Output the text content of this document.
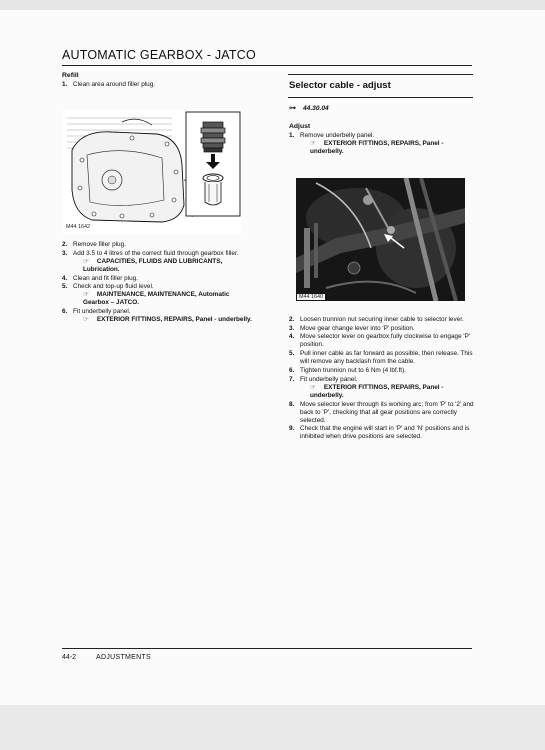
AUTOMATIC GEARBOX - JATCO
Refill
1. Clean area around filler plug.
M44 1642
2. Remove filler plug.
3. Add 3.5 to 4 litres of the correct fluid through gearbox filler.
☞ CAPACITIES, FLUIDS AND LUBRICANTS, Lubrication.
4. Clean and fit filler plug.
5. Check and top-up fluid level.
☞ MAINTENANCE, MAINTENANCE, Automatic Gearbox – JATCO.
6. Fit underbelly panel.
☞ EXTERIOR FITTINGS, REPAIRS, Panel - underbelly.
Selector cable - adjust
⊶ 44.30.04
Adjust
1. Remove underbelly panel.
☞ EXTERIOR FITTINGS, REPAIRS, Panel - underbelly.
M44 1640
2. Loosen trunnion nut securing inner cable to selector lever.
3. Move gear change lever into 'P' position.
4. Move selector lever on gearbox fully clockwise to engage 'P' position.
5. Pull inner cable as far forward as possible, then release. This will remove any backlash from the cable.
6. Tighten trunnion nut to 6 Nm (4 lbf.ft).
7. Fit underbelly panel.
☞ EXTERIOR FITTINGS, REPAIRS, Panel - underbelly.
8. Move selector lever through its working arc; from 'P' to '2' and back to 'P', checking that all gear positions are correctly selected.
9. Check that the engine will start in 'P' and 'N' positions and is inhibited when drive positions are selected.
44-2	ADJUSTMENTS
